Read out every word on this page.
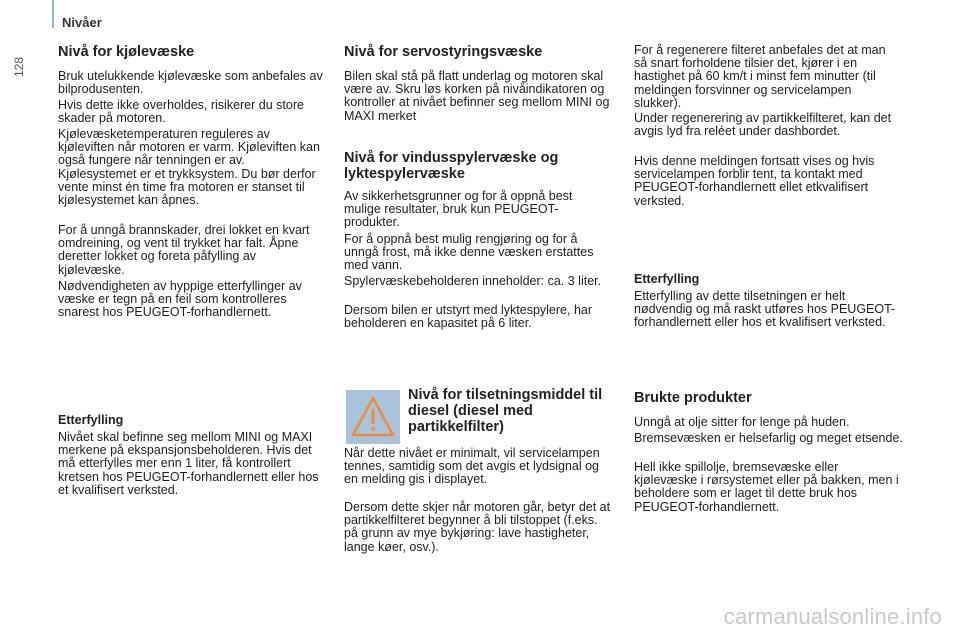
Nivåer
128
Nivå for kjølevæske

Bruk utelukkende kjølevæske som anbefales av bilprodusenten.

Hvis dette ikke overholdes, risikerer du store skader på motoren.

Kjølevæsketemperaturen reguleres av kjøleviften når motoren er varm. Kjøleviften kan også fungere når tenningen er av. Kjølesystemet er et trykksystem. Du bør derfor vente minst én time fra motoren er stanset til kjølesystemet kan åpnes.

For å unngå brannskader, drei lokket en kvart omdreining, og vent til trykket har falt. Åpne deretter lokket og foreta påfylling av kjølevæske.

Nødvendigheten av hyppige etterfyllinger av væske er tegn på en feil som kontrolleres snarest hos PEUGEOT-forhandlernett.

Etterfylling

Nivået skal befinne seg mellom MINI og MAXI merkene på ekspansjonsbeholderen. Hvis det må etterfylles mer enn 1 liter, få kontrollert kretsen hos PEUGEOT-forhandlernett eller hos et kvalifisert verksted.

Nivå for servostyringsvæske

Bilen skal stå på flatt underlag og motoren skal være av. Skru løs korken på nivåindikatoren og kontroller at nivået befinner seg mellom MINI og MAXI merket

Nivå for vindusspylervæske og lyktespylervæske

Av sikkerhetsgrunner og for å oppnå best mulige resultater, bruk kun PEUGEOT-produkter.

For å oppnå best mulig rengjøring og for å unngå frost, må ikke denne væsken erstattes med vann.

Spylervæskebeholderen inneholder: ca. 3 liter.

Dersom bilen er utstyrt med lyktespylere, har beholderen en kapasitet på 6 liter.

Nivå for tilsetningsmiddel til diesel (diesel med partikkelfilter)

Når dette nivået er minimalt, vil servicelampen tennes, samtidig som det avgis et lydsignal og en melding gis i displayet.

Dersom dette skjer når motoren går, betyr det at partikkelfilteret begynner å bli tilstoppet (f.eks. på grunn av mye bykjøring: lave hastigheter, lange køer, osv.).

For å regenerere filteret anbefales det at man så snart forholdene tilsier det, kjører i en hastighet på 60 km/t i minst fem minutter (til meldingen forsvinner og servicelampen slukker).

Under regenerering av partikkelfilteret, kan det avgis lyd fra reléet under dashbordet.

Hvis denne meldingen fortsatt vises og hvis servicelampen forblir tent, ta kontakt med PEUGEOT-forhandlernett ellet etkvalifisert verksted.

Etterfylling

Etterfylling av dette tilsetningen er helt nødvendig og må raskt utføres hos PEUGEOT-forhandlernett eller hos et kvalifisert verksted.

Brukte produkter

Unngå at olje sitter for lenge på huden.

Bremsevæsken er helsefarlig og meget etsende.

Hell ikke spillolje, bremsevæske eller kjølevæske i rørsystemet eller på bakken, men i beholdere som er laget til dette bruk hos PEUGEOT-forhandlernett.

carmanualsonline.info
